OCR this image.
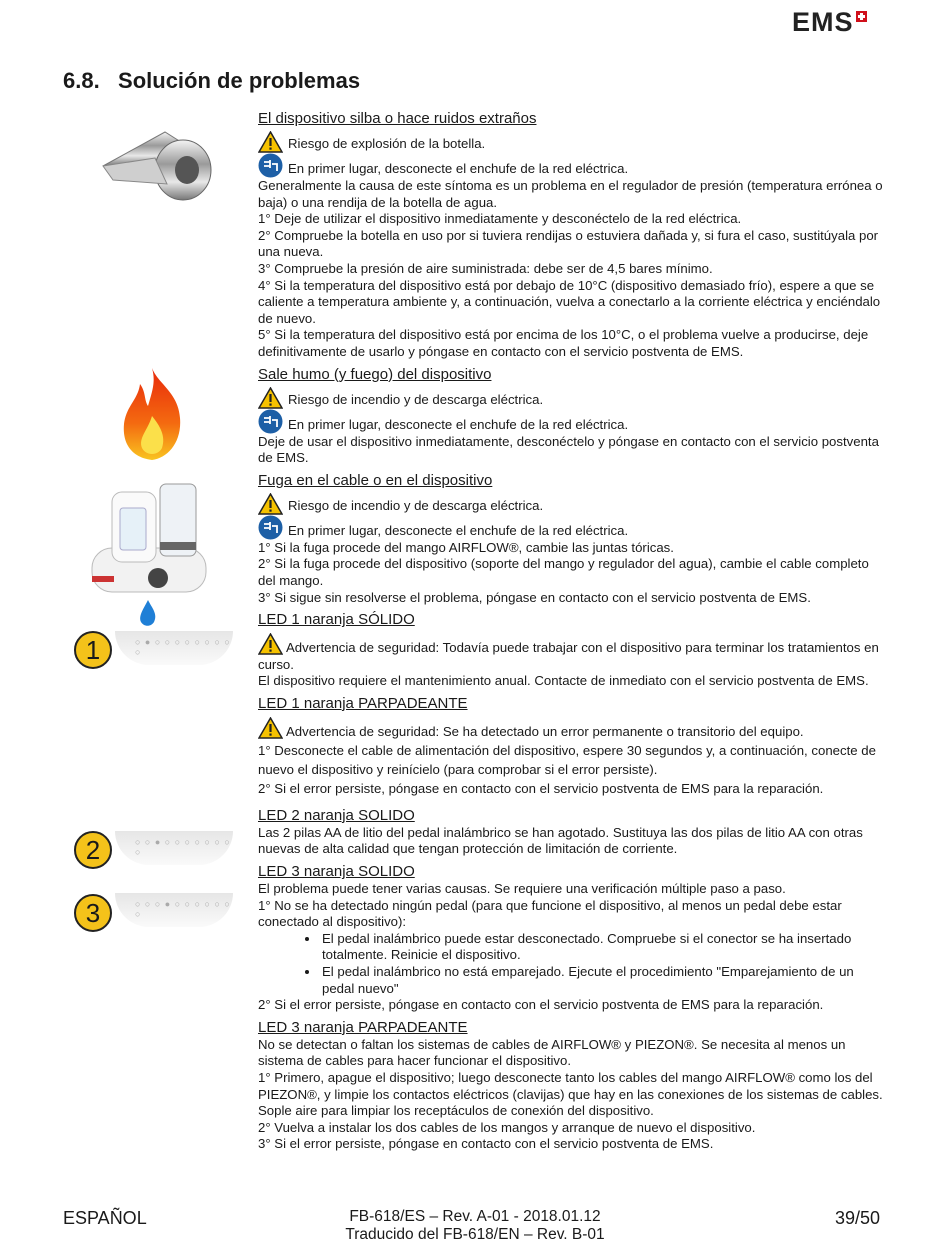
EMS
6.8.   Solución de problemas
1	○ ● ○ ○ ○ ○ ○ ○ ○ ○ ○
2	○ ○ ● ○ ○ ○ ○ ○ ○ ○ ○
3	○ ○ ○ ● ○ ○ ○ ○ ○ ○ ○
El dispositivo silba o hace ruidos extraños
Riesgo de explosión de la botella.
En primer lugar, desconecte el enchufe de la red eléctrica.

Generalmente la causa de este síntoma es un problema en el regulador de presión (temperatura errónea o baja) o una rendija de la botella de agua.

1° Deje de utilizar el dispositivo inmediatamente y desconéctelo de la red eléctrica.

2° Compruebe la botella en uso por si tuviera rendijas o estuviera dañada y, si fura el caso, sustitúyala por una nueva.

3° Compruebe la presión de aire suministrada: debe ser de 4,5 bares mínimo.

4° Si la temperatura del dispositivo está por debajo de 10°C (dispositivo demasiado frío), espere a que se caliente a temperatura ambiente y, a continuación, vuelva a conectarlo a la corriente eléctrica y enciéndalo de nuevo.

5° Si la temperatura del dispositivo está por encima de los 10°C, o el problema vuelve a producirse, deje definitivamente de usarlo y póngase en contacto con el servicio postventa de EMS.

Sale humo (y fuego) del dispositivo
Riesgo de incendio y de descarga eléctrica.
En primer lugar, desconecte el enchufe de la red eléctrica.

Deje de usar el dispositivo inmediatamente, desconéctelo y póngase en contacto con el servicio postventa de EMS.

Fuga en el cable o en el dispositivo
Riesgo de incendio y de descarga eléctrica.
En primer lugar, desconecte el enchufe de la red eléctrica.

1° Si la fuga procede del mango AIRFLOW®, cambie las juntas tóricas.

2° Si la fuga procede del dispositivo (soporte del mango y regulador del agua), cambie el cable completo del mango.

3° Si sigue sin resolverse el problema, póngase en contacto con el servicio postventa de EMS.

LED 1 naranja SÓLIDO

Advertencia de seguridad: Todavía puede trabajar con el dispositivo para terminar los tratamientos en curso.

El dispositivo requiere el mantenimiento anual. Contacte de inmediato con el servicio postventa de EMS.

LED 1 naranja PARPADEANTE

Advertencia de seguridad: Se ha detectado un error permanente o transitorio del equipo.

1° Desconecte el cable de alimentación del dispositivo, espere 30 segundos y, a continuación, conecte de nuevo el dispositivo y reinícielo (para comprobar si el error persiste).

2° Si el error persiste, póngase en contacto con el servicio postventa de EMS para la reparación.

LED 2 naranja SOLIDO

Las 2 pilas AA de litio del pedal inalámbrico se han agotado. Sustituya las dos pilas de litio AA con otras nuevas de alta calidad que tengan protección de limitación de corriente.

LED 3 naranja SOLIDO

El problema puede tener varias causas. Se requiere una verificación múltiple paso a paso.

1° No se ha detectado ningún pedal (para que funcione el dispositivo, al menos un pedal debe estar conectado al dispositivo):

• El pedal inalámbrico puede estar desconectado. Compruebe si el conector se ha insertado totalmente. Reinicie el dispositivo.
• El pedal inalámbrico no está emparejado. Ejecute el procedimiento "Emparejamiento de un pedal nuevo"

2° Si el error persiste, póngase en contacto con el servicio postventa de EMS para la reparación.

LED 3 naranja PARPADEANTE

No se detectan o faltan los sistemas de cables de AIRFLOW® y PIEZON®. Se necesita al menos un sistema de cables para hacer funcionar el dispositivo.

1° Primero, apague el dispositivo; luego desconecte tanto los cables del mango AIRFLOW® como los del PIEZON®, y limpie los contactos eléctricos (clavijas) que hay en las conexiones de los sistemas de cables. Sople aire para limpiar los receptáculos de conexión del dispositivo.

2° Vuelva a instalar los dos cables de los mangos y arranque de nuevo el dispositivo.

3° Si el error persiste, póngase en contacto con el servicio postventa de EMS.

ESPAÑOL	FB-618/ES – Rev. A-01 - 2018.01.12
Traducido del FB-618/EN – Rev. B-01
39/50
